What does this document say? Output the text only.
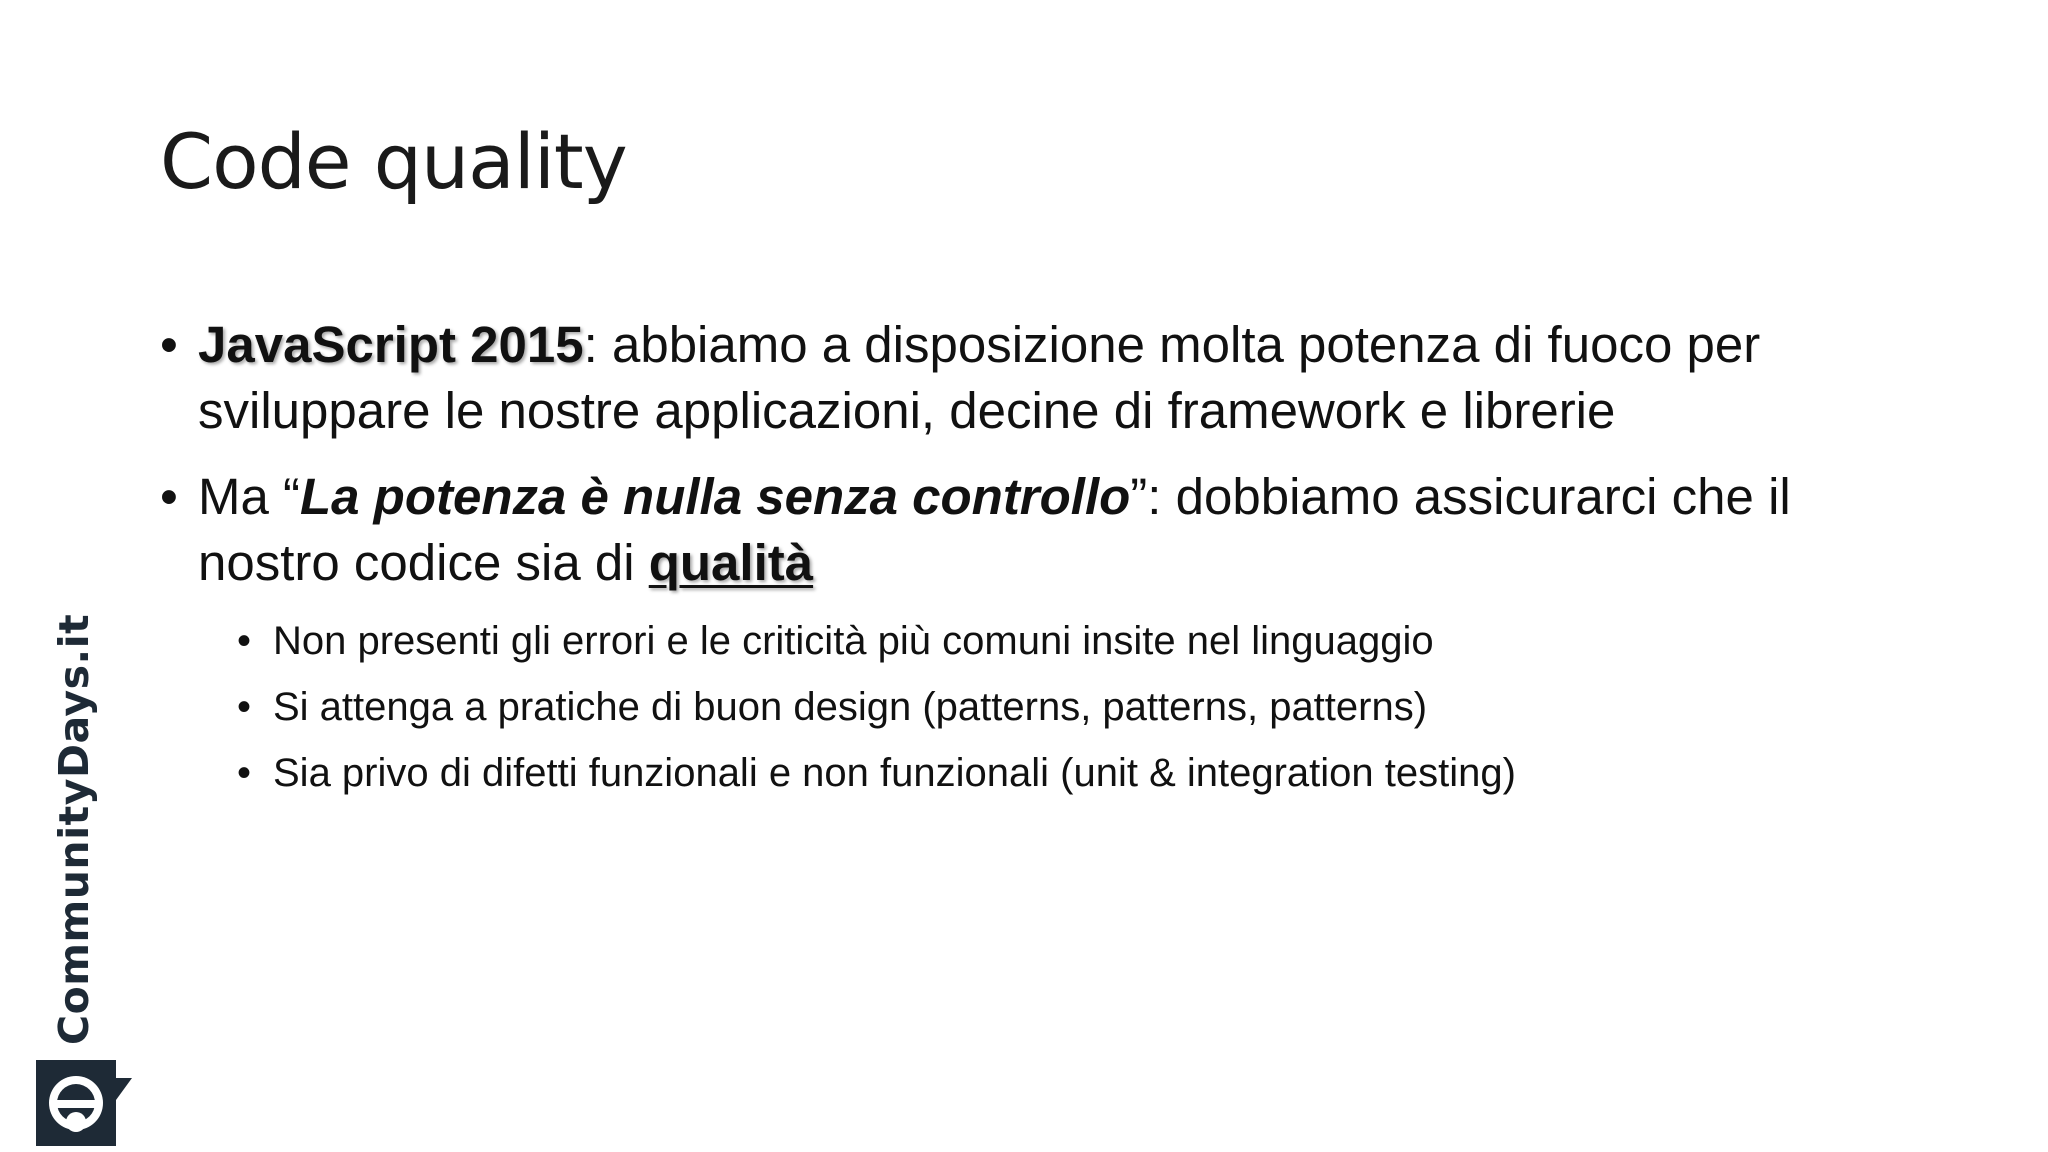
Code quality
• JavaScript 2015: abbiamo a disposizione molta potenza di fuoco per sviluppare le nostre applicazioni, decine di framework e librerie
• Ma “La potenza è nulla senza controllo”: dobbiamo assicurarci che il nostro codice sia di qualità
• Non presenti gli errori e le criticità più comuni insite nel linguaggio
• Si attenga a pratiche di buon design (patterns, patterns, patterns)
• Sia privo di difetti funzionali e non funzionali (unit & integration testing)
CommunityDays.it
